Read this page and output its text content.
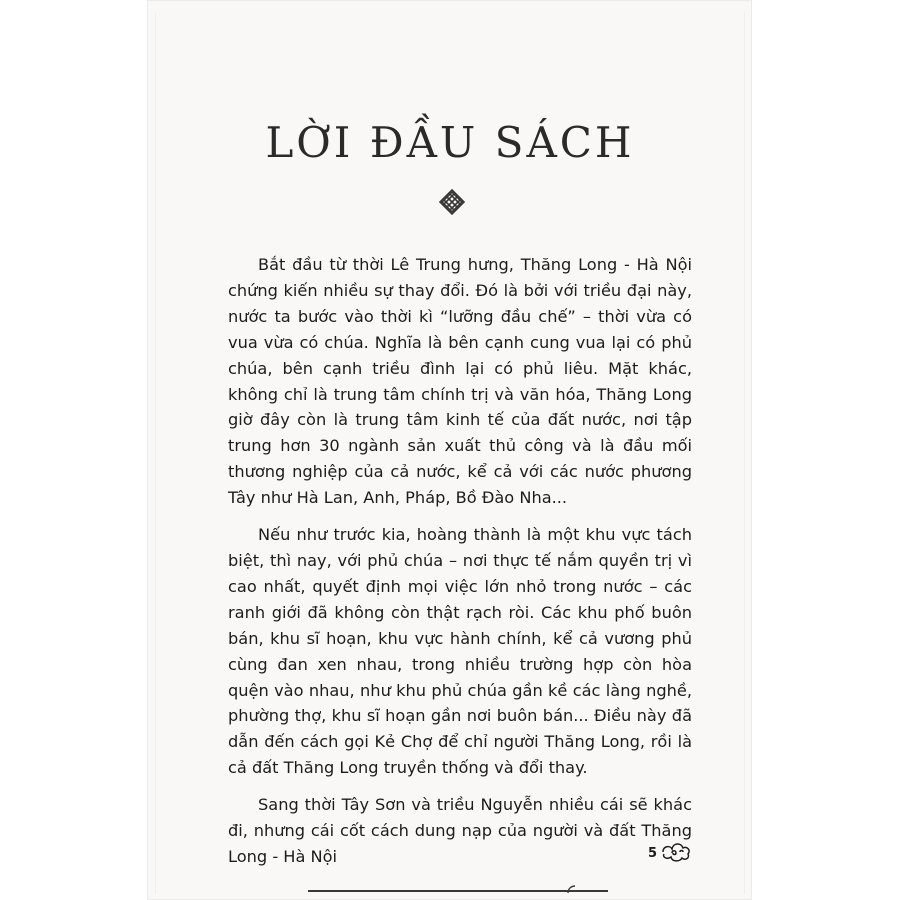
LỜI ĐẦU SÁCH

Bắt đầu từ thời Lê Trung hưng, Thăng Long - Hà Nội chứng kiến nhiều sự thay đổi. Đó là bởi với triều đại này, nước ta bước vào thời kì “lưỡng đầu chế” – thời vừa có vua vừa có chúa. Nghĩa là bên cạnh cung vua lại có phủ chúa, bên cạnh triều đình lại có phủ liêu. Mặt khác, không chỉ là trung tâm chính trị và văn hóa, Thăng Long giờ đây còn là trung tâm kinh tế của đất nước, nơi tập trung hơn 30 ngành sản xuất thủ công và là đầu mối thương nghiệp của cả nước, kể cả với các nước phương Tây như Hà Lan, Anh, Pháp, Bồ Đào Nha...

Nếu như trước kia, hoàng thành là một khu vực tách biệt, thì nay, với phủ chúa – nơi thực tế nắm quyền trị vì cao nhất, quyết định mọi việc lớn nhỏ trong nước – các ranh giới đã không còn thật rạch ròi. Các khu phố buôn bán, khu sĩ hoạn, khu vực hành chính, kể cả vương phủ cùng đan xen nhau, trong nhiều trường hợp còn hòa quện vào nhau, như khu phủ chúa gần kề các làng nghề, phường thợ, khu sĩ hoạn gần nơi buôn bán... Điều này đã dẫn đến cách gọi Kẻ Chợ để chỉ người Thăng Long, rồi là cả đất Thăng Long truyền thống và đổi thay.

Sang thời Tây Sơn và triều Nguyễn nhiều cái sẽ khác đi, nhưng cái cốt cách dung nạp của người và đất Thăng Long - Hà Nội	5
